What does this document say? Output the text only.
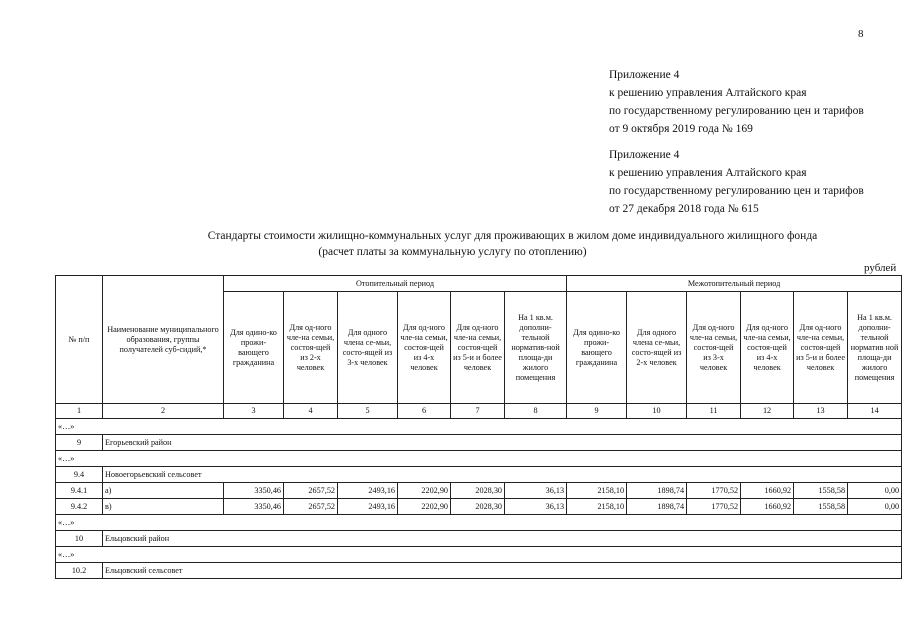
8
Приложение 4
к решению управления Алтайского края
по государственному регулированию цен и тарифов
от 9 октября 2019 года № 169
Приложение 4
к решению управления Алтайского края
по государственному регулированию цен и тарифов
от 27 декабря 2018 года № 615
Стандарты стоимости жилищно-коммунальных услуг для проживающих в жилом доме индивидуального жилищного фонда
(расчет платы за коммунальную услугу по отоплению)
рублей
№ п/п	Наименование муниципального образования, группы получателей суб-сидий,*	Отопительный период						Межотопительный период					
		Для одино-ко прожи-вающего гражданина	Для од-ного чле-на семьи, состоя-щей из 2-х человек	Для одного члена се-мьи, состо-ящей из 3-х человек	Для од-ного чле-на семьи, состоя-щей из 4-х человек	Для од-ного чле-на семьи, состоя-щей из 5-и и более человек	На 1 кв.м. дополни-тельной норматив-ной площа-ди жилого помещения	Для одино-ко прожи-вающего гражданина	Для одного члена се-мьи, состо-ящей из 2-х человек	Для од-ного чле-на семьи, состоя-щей из 3-х человек	Для од-ного чле-на семьи, состоя-щей из 4-х человек	Для од-ного чле-на семьи, состоя-щей из 5-и и более человек	На 1 кв.м. дополни-тельной норматив ной площа-ди жилого помещения
1	2	3	4	5	6	7	8	9	10	11	12	13	14
«…»													
9	Егорьевский район												
«…»													
9.4	Новоегорьевский сельсовет												
9.4.1	а)	3350,46	2657,52	2493,16	2202,90	2028,30	36,13	2158,10	1898,74	1770,52	1660,92	1558,58	0,00
9.4.2	в)	3350,46	2657,52	2493,16	2202,90	2028,30	36,13	2158,10	1898,74	1770,52	1660,92	1558,58	0,00
«…»													
10	Ельцовский район												
«…»													
10.2	Ельцовский сельсовет												
